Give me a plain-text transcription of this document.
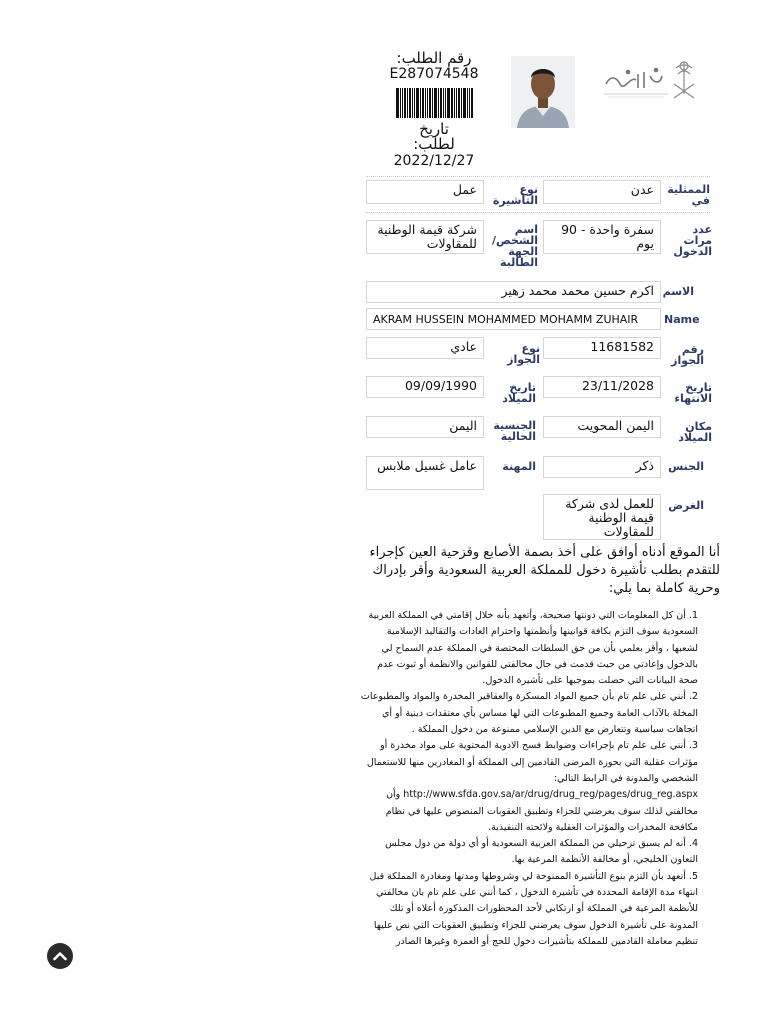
رقم الطلب:
E287074548
تاريخ
لطلب:
2022/12/27
الممثلية في
عدن
نوع التأشيرة
عمل
عدد مرات الدخول
سفرة واحدة - 90 يوم
اسم الشخص/ الجهة الطالبة
شركة قيمة الوطنية للمقاولات
الاسم
اكرم حسين محمد محمد زهير
Name
AKRAM HUSSEIN MOHAMMED MOHAMM ZUHAIR
رقم الجواز
11681582
نوع الجواز
عادي
تاريخ الانتهاء
23/11/2028
تاريخ الميلاد
09/09/1990
مكان الميلاد
اليمن المحويت
الجنسية الحالية
اليمن
الجنس
ذكر
المهنة
عامل غسيل ملابس
الغرض
للعمل لدى شركة قيمة الوطنية للمقاولات
أنا الموقع أدناه أوافق على أخذ بصمة الأصابع وقزحية العين كإجراء للتقدم بطلب تأشيرة دخول للمملكة العربية السعودية وأقر بإدراك وحرية كاملة بما يلي:
1. أن كل المعلومات التي دونتها صحيحة، وأتعهد بأنه خلال إقامتي في المملكة العربية السعودية سوف التزم بكافة قوانينها وأنظمتها واحترام العادات والتقاليد الإسلامية لشعبها ، وأقر بعلمي بأن من حق السلطات المختصة في المملكة عدم السماح لي بالدخول وإعادتي من حيث قدمت في حال مخالفتي للقوانين والانظمة أو ثبوت عدم صحة البيانات التي حصلت بموجبها على تأشيرة الدخول.
2. أنني على علم تام بأن جميع المواد المسكرة والعقاقير المخدرة والمواد والمطبوعات المخلة بالآداب العامة وجميع المطبوعات التي لها مساس بأي معتقدات دينية أو أي اتجاهات سياسية وتتعارض مع الدين الإسلامي ممنوعة من دخول المملكة .
3. أنني على علم تام بإجراءات وضوابط فسح الادوية المحتوية على مواد مخدرة أو مؤثرات عقلية التي بحوزة المرضى القادمين إلى المملكة أو المغادرين منها للاستعمال الشخصي والمدونة في الرابط التالي: http://www.sfda.gov.sa/ar/drug/drug_reg/pages/drug_reg.aspx وأن مخالفتي لذلك سوف يعرضني للجزاء وتطبيق العقوبات المنصوص عليها في نظام مكافحة المخدرات والمؤثرات العقلية ولائحته التنفيذية.
4. أنه لم يسبق ترحيلي من المملكة العربية السعودية أو أي دولة من دول مجلس التعاون الخليجي، أو مخالفة الأنظمة المرعية بها.
5. أتعهد بأن التزم بنوع التأشيرة الممنوحة لي وشروطها ومدتها ومغادرة المملكة قبل انتهاء مدة الإقامة المحددة في تأشيرة الدخول ، كما أنني على علم تام بان مخالفتي للأنظمة المرعية في المملكة أو ارتكابي لأحد المحظورات المذكورة أعلاه أو تلك المدونة على تأشيرة الدخول سوف يعرضني للجزاء وتطبيق العقوبات التي نص عليها تنظيم معاملة القادمين للمملكة بتأشيرات دخول للحج أو العمرة وغيرها الصادر
